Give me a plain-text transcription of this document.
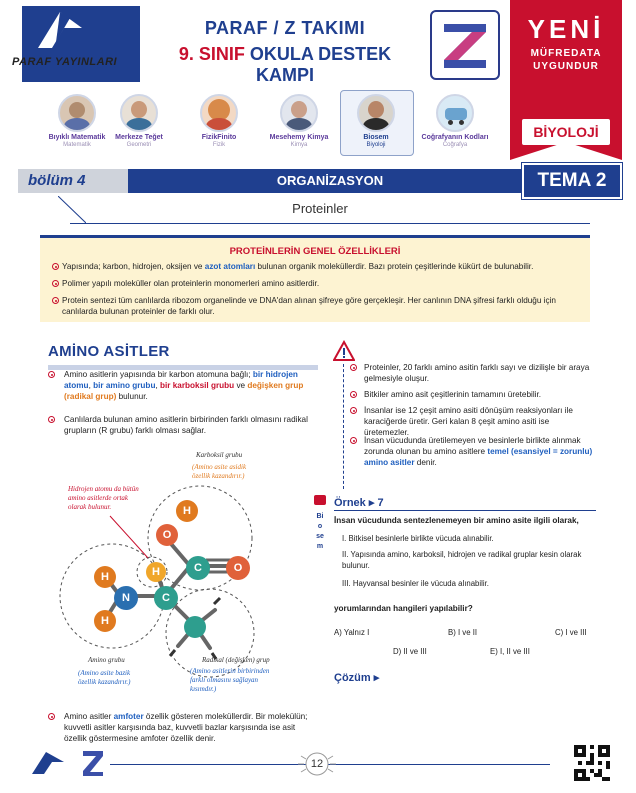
PARAF YAYINLARI
PARAF / Z TAKIMI
9. SINIF OKULA DESTEK KAMPI
YENİ
MÜFREDATA
UYGUNDUR
BİYOLOJİ
Bıyıklı Matematik
Matematik
Merkeze Teğet
Geometri
FizikFinito
Fizik
Mesehemy Kimya
Kimya
Biosem
Biyoloji
Coğrafyanın Kodları
Coğrafya
bölüm 4	ORGANİZASYON	TEMA 2
Proteinler
PROTEİNLERİN GENEL ÖZELLİKLERİ
Yapısında; karbon, hidrojen, oksijen ve azot atomları bulunan organik moleküllerdir. Bazı protein çeşitlerinde kükürt de bulunabilir.
Polimer yapılı moleküller olan proteinlerin monomerleri amino asitlerdir.
Protein sentezi tüm canlılarda ribozom organelinde ve DNA'dan alınan şifreye göre gerçekleşir. Her canlının DNA şifresi farklı olduğu için canlılarda bulunan proteinler de farklı olur.
AMİNO ASİTLER
Amino asitlerin yapısında bir karbon atomuna bağlı; bir hidrojen atomu, bir amino grubu, bir karboksil grubu ve değişken grup (radikal grup) bulunur.
Canlılarda bulunan amino asitlerin birbirinden farklı olmasını radikal grupların (R grubu) farklı olması sağlar.
H
O
C	O
H
C
N
H
H
Karboksil grubu
(Amino asite asidik
özellik kazandırır.)
Hidrojen atomu da bütün
amino asitlerde ortak
olarak bulunur.
Amino grubu
(Amino asite bazik
özellik kazandırır.)
Radikal (değişken) grup
(Amino asitlerin birbirinden
farklı olmasını sağlayan
kısımdır.)
Amino asitler amfoter özellik gösteren moleküllerdir. Bir molekülün; kuvvetli asitler karşısında baz, kuvvetli bazlar karşısında ise asit özellik göstermesine amfoter özellik denir.
Proteinler, 20 farklı amino asitin farklı sayı ve dizilişle bir araya gelmesiyle oluşur.
Bitkiler amino asit çeşitlerinin tamamını üretebilir.
İnsanlar ise 12 çeşit amino asiti dönüşüm reaksiyonları ile karaciğerde üretir. Geri kalan 8 çeşit amino asiti ise üretemezler.
İnsan vücudunda üretilemeyen ve besinlerle birlikte alınmak zorunda olunan bu amino asitlere temel (esansiyel = zorunlu) amino asitler denir.
Biosem
Örnek ▸ 7
İnsan vücudunda sentezlenemeyen bir amino asite ilgili olarak,
I. Bitkisel besinlerle birlikte vücuda alınabilir.
II. Yapısında amino, karboksil, hidrojen ve radikal gruplar kesin olarak bulunur.
III. Hayvansal besinler ile vücuda alınabilir.
yorumlarından hangileri yapılabilir?
A) Yalnız I	B) I ve II	C) I ve III
D) II ve III	E) I, II ve III
Çözüm ▸
12
